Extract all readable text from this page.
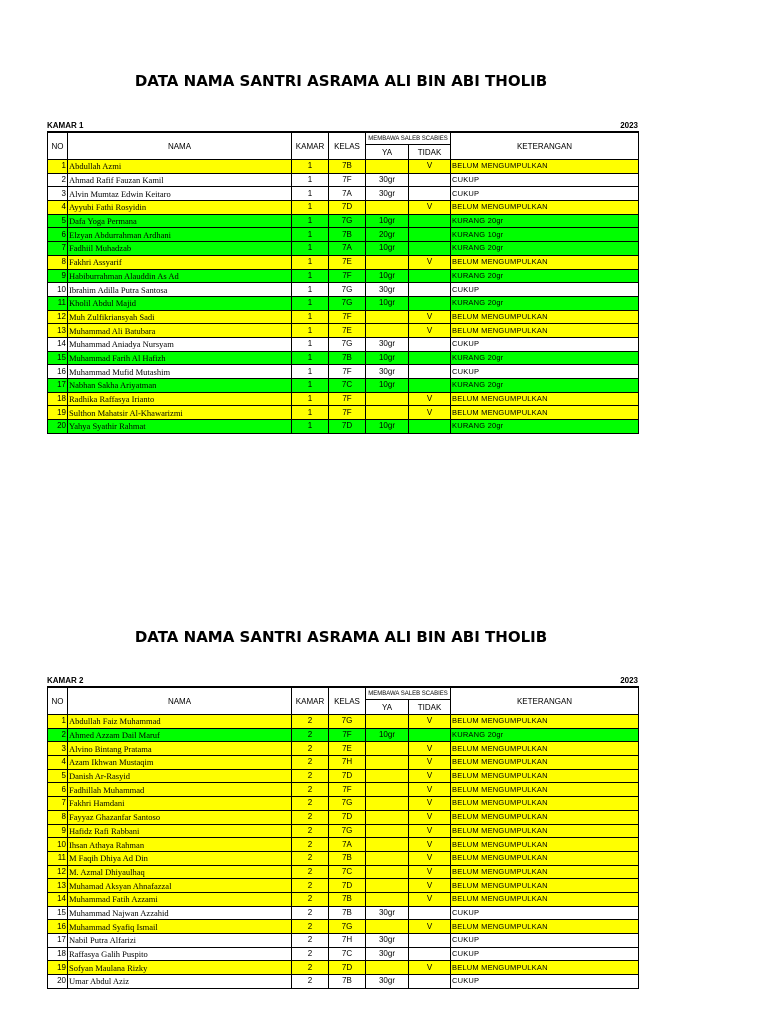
DATA NAMA SANTRI ASRAMA ALI BIN ABI THOLIB
KAMAR 1	2023
NO	NAMA	KAMAR	KELAS	MEMBAWA SALEB SCABIES		KETERANGAN
				YA	TIDAK	
1	Abdullah Azmi	1	7B		V	BELUM MENGUMPULKAN
2	Ahmad Rafif Fauzan Kamil	1	7F	30gr		CUKUP
3	Alvin Mumtaz Edwin Keitaro	1	7A	30gr		CUKUP
4	Ayyubi Fathi Rosyidin	1	7D		V	BELUM MENGUMPULKAN
5	Dafa Yoga Permana	1	7G	10gr		KURANG 20gr
6	Elzyan Abdurrahman Ardhani	1	7B	20gr		KURANG 10gr
7	Fadhiil Muhadzab	1	7A	10gr		KURANG 20gr
8	Fakhri Assyarif	1	7E		V	BELUM MENGUMPULKAN
9	Habiburrahman Alauddin As Ad	1	7F	10gr		KURANG 20gr
10	Ibrahim Adilla Putra Santosa	1	7G	30gr		CUKUP
11	Kholil Abdul Majid	1	7G	10gr		KURANG 20gr
12	Muh Zulfikriansyah Sadi	1	7F		V	BELUM MENGUMPULKAN
13	Muhammad Ali Batubara	1	7E		V	BELUM MENGUMPULKAN
14	Muhammad Aniadya Nursyam	1	7G	30gr		CUKUP
15	Muhammad Farih Al Hafizh	1	7B	10gr		KURANG 20gr
16	Muhammad Mufid Mutashim	1	7F	30gr		CUKUP
17	Nabhan Sakha Ariyatman	1	7C	10gr		KURANG 20gr
18	Radhika Raffasya Irianto	1	7F		V	BELUM MENGUMPULKAN
19	Sulthon Mahatsir Al-Khawarizmi	1	7F		V	BELUM MENGUMPULKAN
20	Yahya Syathir Rahmat	1	7D	10gr		KURANG 20gr
DATA NAMA SANTRI ASRAMA ALI BIN ABI THOLIB
KAMAR 2	2023
NO	NAMA	KAMAR	KELAS	MEMBAWA SALEB SCABIES		KETERANGAN
				YA	TIDAK	
1	Abdullah Faiz Muhammad	2	7G		V	BELUM MENGUMPULKAN
2	Ahmed Azzam Dail Maruf	2	7F	10gr		KURANG 20gr
3	Alvino Bintang Pratama	2	7E		V	BELUM MENGUMPULKAN
4	Azam Ikhwan Mustaqim	2	7H		V	BELUM MENGUMPULKAN
5	Danish Ar-Rasyid	2	7D		V	BELUM MENGUMPULKAN
6	Fadhillah Muhammad	2	7F		V	BELUM MENGUMPULKAN
7	Fakhri Hamdani	2	7G		V	BELUM MENGUMPULKAN
8	Fayyaz Ghazanfar Santoso	2	7D		V	BELUM MENGUMPULKAN
9	Hafidz Rafi Rabbani	2	7G		V	BELUM MENGUMPULKAN
10	Ihsan Athaya Rahman	2	7A		V	BELUM MENGUMPULKAN
11	M Faqih Dhiya Ad Din	2	7B		V	BELUM MENGUMPULKAN
12	M. Azmal Dhiyaulhaq	2	7C		V	BELUM MENGUMPULKAN
13	Muhamad Aksyan Ahnafazzal	2	7D		V	BELUM MENGUMPULKAN
14	Muhammad Fatih Azzami	2	7B		V	BELUM MENGUMPULKAN
15	Muhammad Najwan Azzahid	2	7B	30gr		CUKUP
16	Muhammad Syafiq Ismail	2	7G		V	BELUM MENGUMPULKAN
17	Nabil Putra Alfarizi	2	7H	30gr		CUKUP
18	Raffasya Galih Puspito	2	7C	30gr		CUKUP
19	Sofyan Maulana Rizky	2	7D		V	BELUM MENGUMPULKAN
20	Umar Abdul Aziz	2	7B	30gr		CUKUP
